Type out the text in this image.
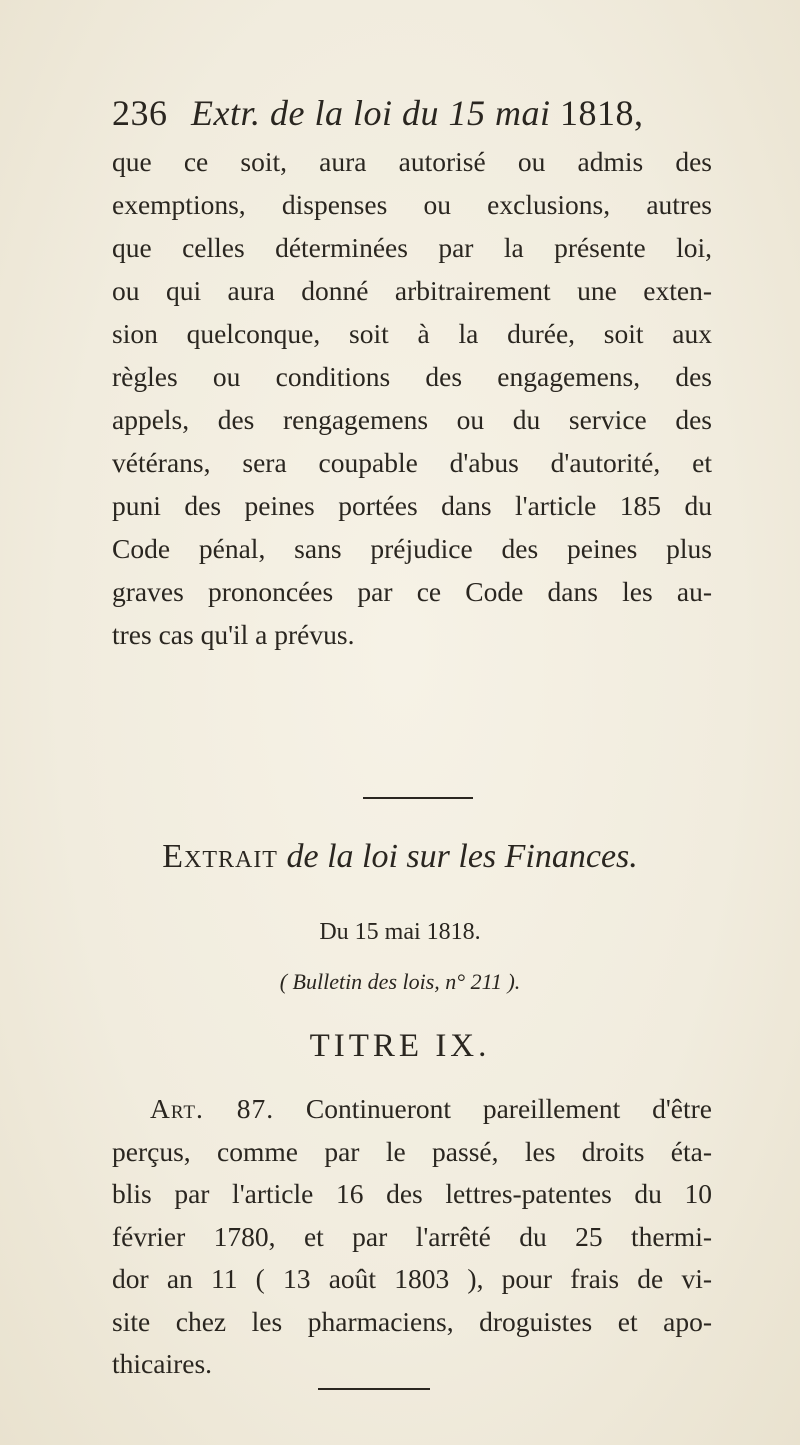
236 Extr. de la loi du 15 mai 1818,

que ce soit, aura autorisé ou admis des
exemptions, dispenses ou exclusions, autres
que celles déterminées par la présente loi,
ou qui aura donné arbitrairement une exten-
sion quelconque, soit à la durée, soit aux
règles ou conditions des engagemens, des
appels, des rengagemens ou du service des
vétérans, sera coupable d'abus d'autorité, et
puni des peines portées dans l'article 185 du
Code pénal, sans préjudice des peines plus
graves prononcées par ce Code dans les au-
tres cas qu'il a prévus.

Extrait de la loi sur les Finances.
Du 15 mai 1818.
( Bulletin des lois, n° 211 ).
TITRE IX.

Art. 87. Continueront pareillement d'être
perçus, comme par le passé, les droits éta-
blis par l'article 16 des lettres-patentes du 10
février 1780, et par l'arrêté du 25 thermi-
dor an 11 ( 13 août 1803 ), pour frais de vi-
site chez les pharmaciens, droguistes et apo-
thicaires.
